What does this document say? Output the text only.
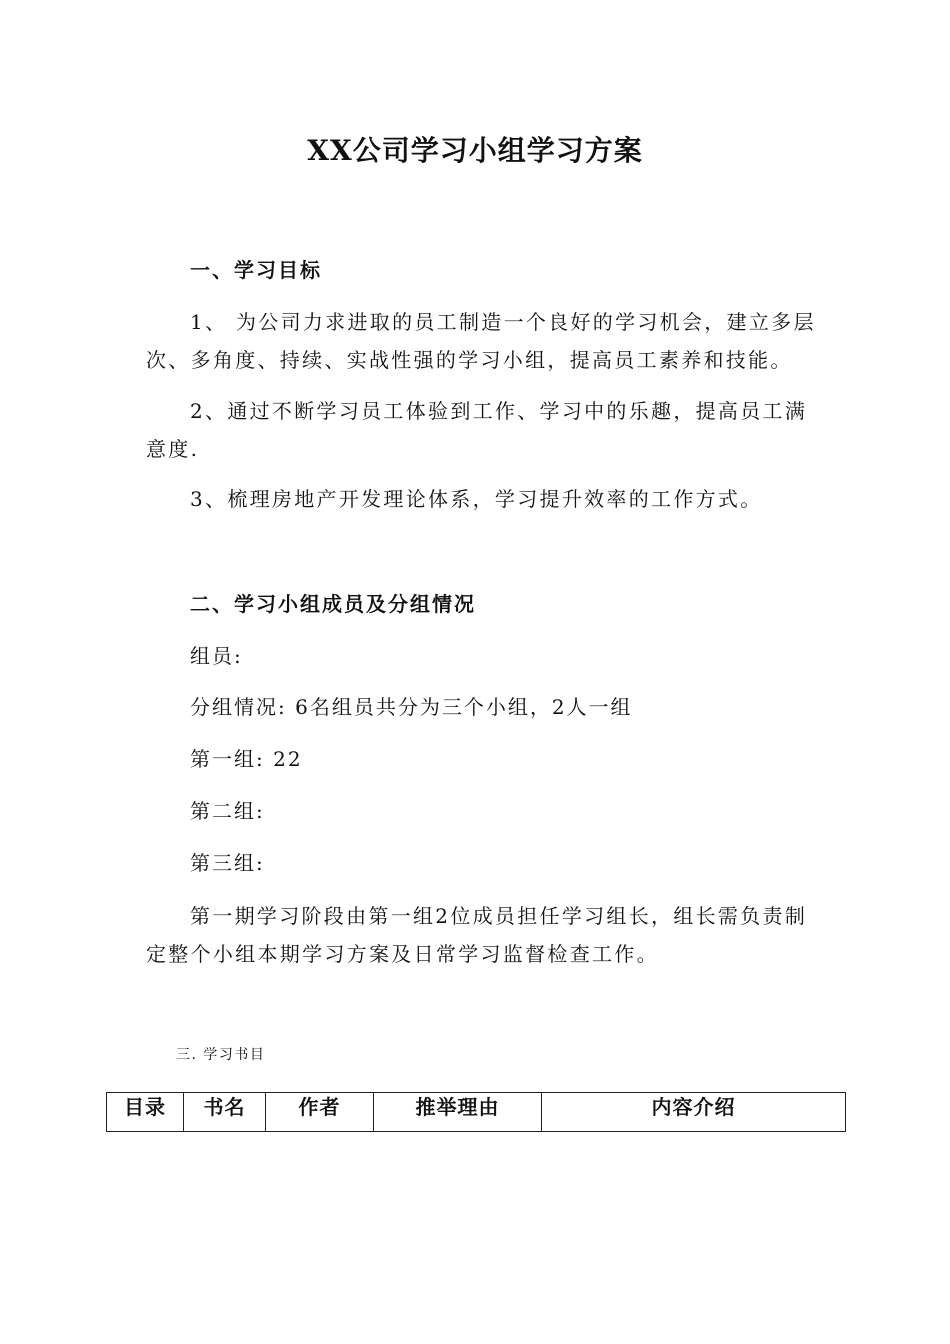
XX公司学习小组学习方案
一、学习目标

1、 为公司力求进取的员工制造一个良好的学习机会，建立多层次、多角度、持续、实战性强的学习小组，提高员工素养和技能。

2、通过不断学习员工体验到工作、学习中的乐趣，提高员工满意度.

3、梳理房地产开发理论体系，学习提升效率的工作方式。

二、学习小组成员及分组情况
组员:
分组情况: 6名组员共分为三个小组，2人一组
第一组: 22
第二组:
第三组:

第一期学习阶段由第一组2位成员担任学习组长，组长需负责制定整个小组本期学习方案及日常学习监督检查工作。

三. 学习书目
目录	书名	作者	推举理由	内容介绍
